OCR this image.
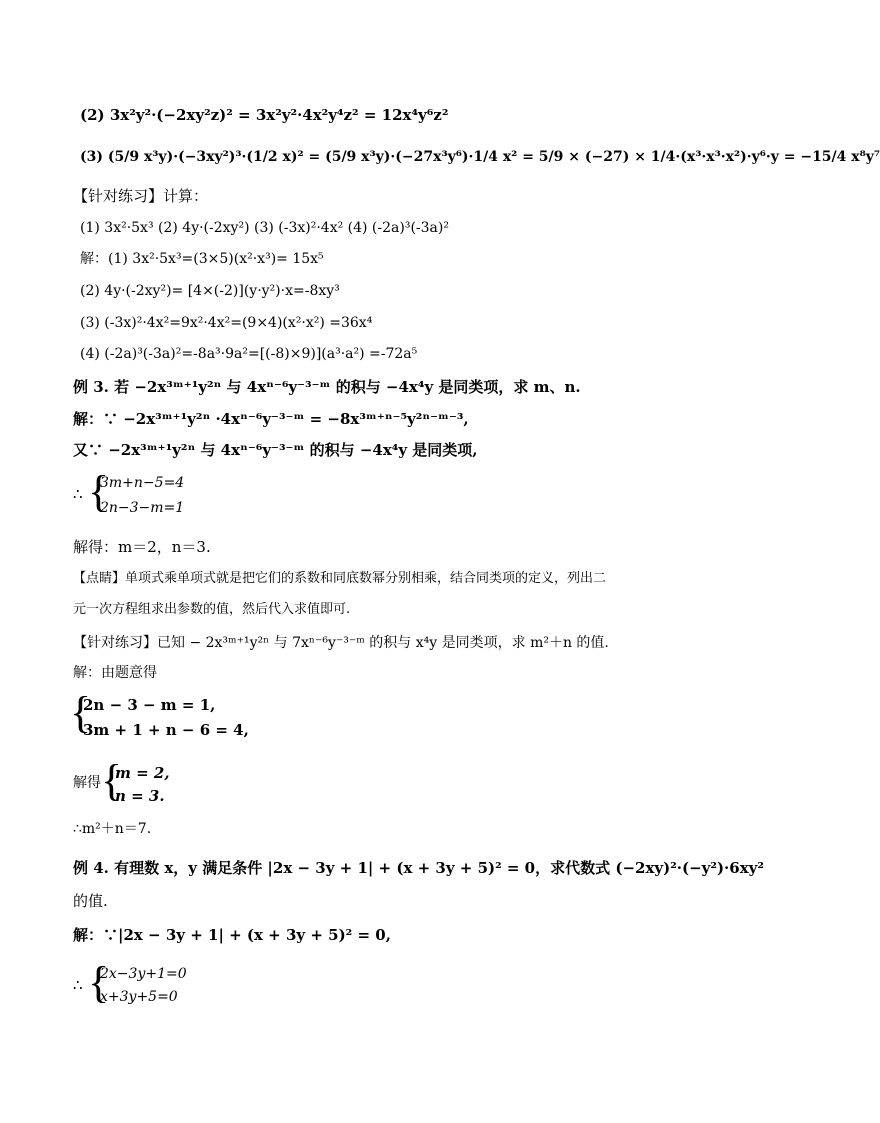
(2) 3x²y²·(−2xy²z)² = 3x²y²·4x²y⁴z² = 12x⁴y⁶z²
(3) (5/9 x³y)·(−3xy²)³·(1/2 x)² = (5/9 x³y)·(−27x³y⁶)·1/4 x² = 5/9 × (−27) × 1/4·(x³·x³·x²)·y⁶·y = −15/4 x⁸y⁷
【针对练习】计算：
(1) 3x²·5x³ (2) 4y·(-2xy²) (3) (-3x)²·4x² (4) (-2a)³(-3a)²
解：(1) 3x²·5x³=(3×5)(x²·x³)= 15x⁵
(2) 4y·(-2xy²)= [4×(-2)](y·y²)·x=-8xy³
(3) (-3x)²·4x²=9x²·4x²=(9×4)(x²·x²) =36x⁴
(4) (-2a)³(-3a)²=-8a³·9a²=[(-8)×9)](a³·a²) =-72a⁵
例 3. 若 −2x³ᵐ⁺¹y²ⁿ 与 4xⁿ⁻⁶y⁻³⁻ᵐ 的积与 −4x⁴y 是同类项，求 m、n.
解：∵ −2x³ᵐ⁺¹y²ⁿ ·4xⁿ⁻⁶y⁻³⁻ᵐ = −8x³ᵐ⁺ⁿ⁻⁵y²ⁿ⁻ᵐ⁻³,
又∵ −2x³ᵐ⁺¹y²ⁿ 与 4xⁿ⁻⁶y⁻³⁻ᵐ 的积与 −4x⁴y 是同类项,
∴ {
3m+n−5=4
2n−3−m=1
解得：m＝2，n＝3.
【点睛】单项式乘单项式就是把它们的系数和同底数幂分别相乘，结合同类项的定义，列出二
元一次方程组求出参数的值，然后代入求值即可.
【针对练习】已知 − 2x³ᵐ⁺¹y²ⁿ 与 7xⁿ⁻⁶y⁻³⁻ᵐ 的积与 x⁴y 是同类项，求 m²＋n 的值.
解：由题意得
{
2n − 3 − m = 1,
3m + 1 + n − 6 = 4,
解得 {
m = 2,
n = 3.
∴m²＋n＝7.
例 4. 有理数 x，y 满足条件 |2x − 3y + 1| + (x + 3y + 5)² = 0，求代数式 (−2xy)²·(−y²)·6xy²
的值.
解：∵|2x − 3y + 1| + (x + 3y + 5)² = 0,
∴ {
2x−3y+1=0
x+3y+5=0
